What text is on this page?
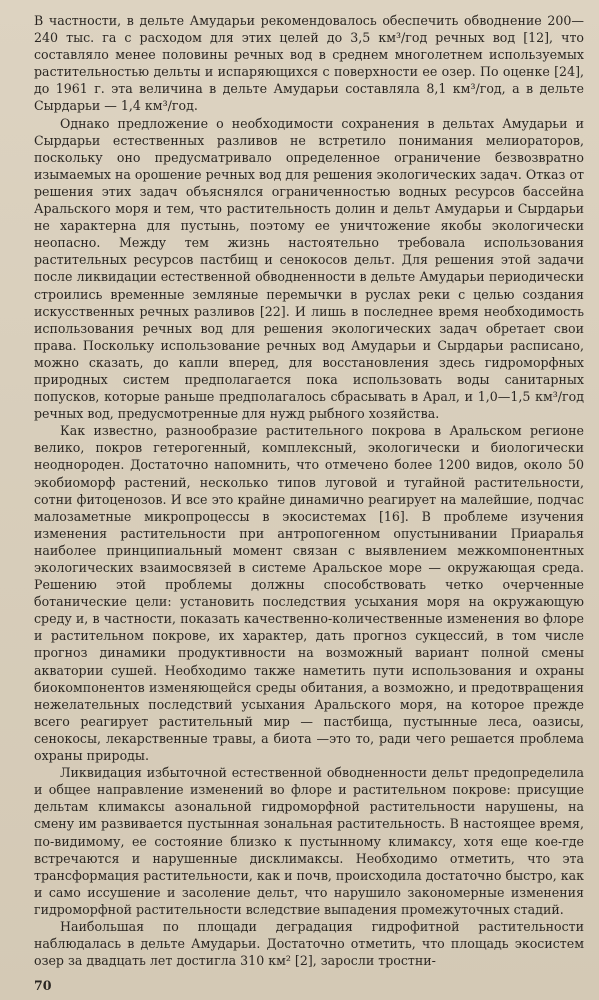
В частности, в дельте Амударьи рекомендовалось обеспечить обводнение 200—240 тыс. га с расходом для этих целей до 3,5 км³/год речных вод [12], что составляло менее половины речных вод в среднем многолетнем используемых растительностью дельты и испаряющихся с поверхности ее озер. По оценке [24], до 1961 г. эта величина в дельте Амударьи составляла 8,1 км³/год, а в дельте Сырдарьи — 1,4 км³/год.

Однако предложение о необходимости сохранения в дельтах Амударьи и Сырдарьи естественных разливов не встретило понимания мелиораторов, поскольку оно предусматривало определенное ограничение безвозвратно изымаемых на орошение речных вод для решения экологических задач. Отказ от решения этих задач объяснялся ограниченностью водных ресурсов бассейна Аральского моря и тем, что растительность долин и дельт Амударьи и Сырдарьи не характерна для пустынь, поэтому ее уничтожение якобы экологически неопасно. Между тем жизнь настоятельно требовала использования растительных ресурсов пастбищ и сенокосов дельт. Для решения этой задачи после ликвидации естественной обводненности в дельте Амударьи периодически строились временные земляные перемычки в руслах реки с целью создания искусственных речных разливов [22]. И лишь в последнее время необходимость использования речных вод для решения экологических задач обретает свои права. Поскольку использование речных вод Амударьи и Сырдарьи расписано, можно сказать, до капли вперед, для восстановления здесь гидроморфных природных систем предполагается пока использовать воды санитарных попусков, которые раньше предполагалось сбрасывать в Арал, и 1,0—1,5 км³/год речных вод, предусмотренные для нужд рыбного хозяйства.

Как известно, разнообразие растительного покрова в Аральском регионе велико, покров гетерогенный, комплексный, экологически и биологически неоднороден. Достаточно напомнить, что отмечено более 1200 видов, около 50 экобиоморф растений, несколько типов луговой и тугайной растительности, сотни фитоценозов. И все это крайне динамично реагирует на малейшие, подчас малозаметные микропроцессы в экосистемах [16]. В проблеме изучения изменения растительности при антропогенном опустынивании Приаралья наиболее принципиальный момент связан с выявлением межкомпонентных экологических взаимосвязей в системе Аральское море — окружающая среда. Решению этой проблемы должны способствовать четко очерченные ботанические цели: установить последствия усыхания моря на окружающую среду и, в частности, показать качественно-количественные изменения во флоре и растительном покрове, их характер, дать прогноз сукцессий, в том числе прогноз динамики продуктивности на возможный вариант полной смены акватории сушей. Необходимо также наметить пути использования и охраны биокомпонентов изменяющейся среды обитания, а возможно, и предотвращения нежелательных последствий усыхания Аральского моря, на которое прежде всего реагирует растительный мир — пастбища, пустынные леса, оазисы, сенокосы, лекарственные травы, а биота —это то, ради чего решается проблема охраны природы.

Ликвидация избыточной естественной обводненности дельт предопределила и общее направление изменений во флоре и растительном покрове: присущие дельтам климаксы азональной гидроморфной растительности нарушены, на смену им развивается пустынная зональная растительность. В настоящее время, по-видимому, ее состояние близко к пустынному климаксу, хотя еще кое-где встречаются и нарушенные дисклимаксы. Необходимо отметить, что эта трансформация растительности, как и почв, происходила достаточно быстро, как и само иссушение и засоление дельт, что нарушило закономерные изменения гидроморфной растительности вследствие выпадения промежуточных стадий.

Наибольшая по площади деградация гидрофитной растительности наблюдалась в дельте Амударьи. Достаточно отметить, что площадь экосистем озер за двадцать лет достигла 310 км² [2], заросли тростни-

70
